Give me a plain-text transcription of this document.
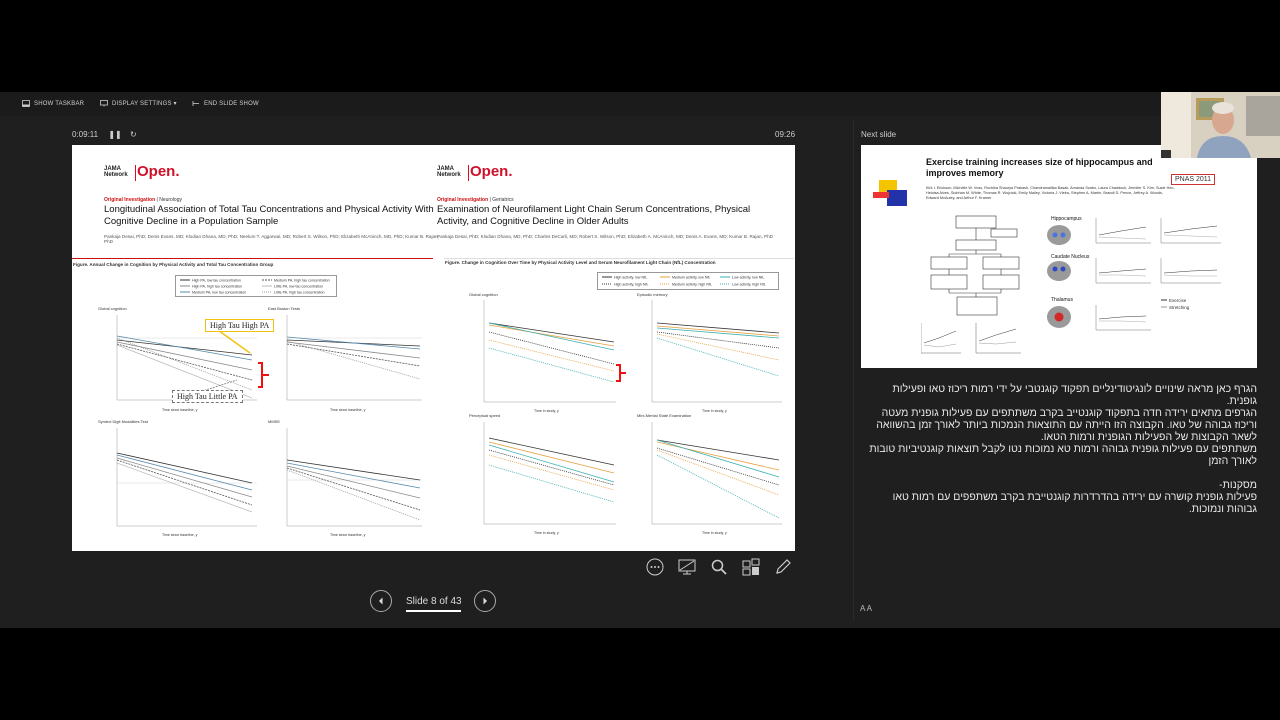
SHOW TASKBAR	DISPLAY SETTINGS ▾	END SLIDE SHOW
0:09:11 ❚❚ ↻	09:26	Next slide
JAMA
Network Open.
Original Investigation | Neurology
Longitudinal Association of Total Tau Concentrations and Physical Activity With Cognitive Decline in a Population Sample
Pankaja Desai, PhD; Denis Evans, MD; Klodian Dhana, MD, PhD; Neelum T. Aggarwal, MD; Robert S. Wilson, PhD; Elizabeth McAninch, MD, PhD; Kumar B. Rajan, PhD
Figure. Annual Change in Cognition by Physical Activity and Total Tau Concentration Group
High PA, low tau concentration	Medium PA, high tau concentration
High PA, high tau concentration	Little PA, low tau concentration
Medium PA, low tau concentration	Little PA, high tau concentration
Global cognition
Time since baseline, y
East Boston Tests
Time since baseline, y
Symbol Digit Modalities Test
Time since baseline, y
MMSE
Time since baseline, y
High Tau High PA
High Tau Little PA
JAMA
Network Open.
Original Investigation | Geriatrics
Examination of Neurofilament Light Chain Serum Concentrations, Physical Activity, and Cognitive Decline in Older Adults
Pankaja Desai, PhD; Klodian Dhana, MD, PhD; Charles DeCarli, MD; Robert S. Wilson, PhD; Elizabeth A. McAninch, MD; Denis A. Evans, MD; Kumar B. Rajan, PhD
Figure. Change in Cognition Over Time by Physical Activity Level and Serum Neurofilament Light Chain (NfL) Concentration
High activity, low NfL	Medium activity, low NfL	Low activity, low NfL
High activity, high NfL	Medium activity, high NfL	Low activity, high NfL
Global cognition
Time in study, y
Episodic memory
Time in study, y
Perceptual speed
Time in study, y
Mini-Mental State Examination
Time in study, y
Slide 8 of 43
Exercise training increases size of hippocampus and improves memory
PNAS 2011
Kirk I. Erickson, Michelle W. Voss, Ruchika Shaurya Prakash, Chandramallika Basak, Amanda Szabo, Laura Chaddock, Jennifer S. Kim, Susie Heo, Heloisa Alves, Siobhan M. White, Thomas R. Wojcicki, Emily Mailey, Victoria J. Vieira, Stephen A. Martin, Brandt D. Pence, Jeffrey A. Woods, Edward McAuley, and Arthur F. Kramer
Hippocampus
Caudate Nucleus
Thalamus	Exercise
Stretching

הגרף כאן מראה שינויים לונגיטודינליים תפקוד קוגנטבי על ידי רמות ריכוז טאו ופעילות גופנית.

הגרפים מתאים ירידה חדה בתפקוד קוגנטייב בקרב משתתפים עם פעילות גופנית מעטה וריכוז גבוהה של טאו. הקבוצה הזו הייתה עם התוצאות הנמכות ביותר לאורך זמן בהשוואה לשאר הקבוצות של הפעילות הגופנית ורמות הטאו.

משתתפים עם פעילות גופנית גבוהה ורמות טא נמוכות נטו לקבל תוצאות קוגנטיביות טובות לאורך הזמן

מסקנות-

פעילות גופנית קושרה עם ירידה בהדרדרות קוגנטייבת בקרב משתפפים עם רמות טאו גבוהות ונמוכות.

A A
